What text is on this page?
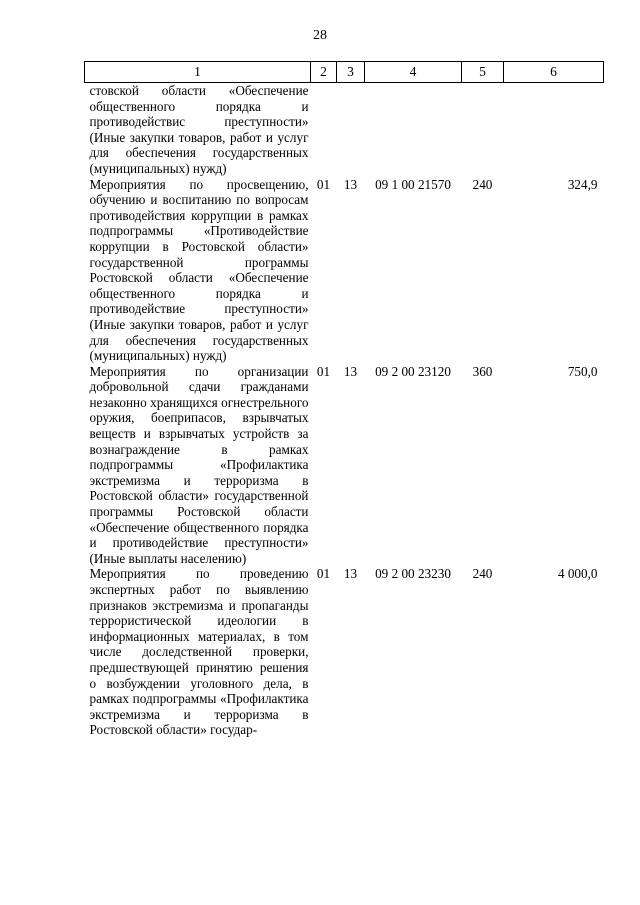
28
1	2	3	4	5	6
стовской области «Обеспечение общественного порядка и противодействис преступности» (Иные закупки товаров, работ и услуг для обеспечения государственных (муниципальных) нужд)					
Мероприятия по просвещению, обучению и воспитанию по вопросам противодействия коррупции в рамках подпрограммы «Противодействие коррупции в Ростовской области» государственной программы Ростовской области «Обеспечение общественного порядка и противодействие преступности» (Иные закупки товаров, работ и услуг для обеспечения государственных (муниципальных) нужд)	01	13	09 1 00 21570	240	324,9
Мероприятия по организации добровольной сдачи гражданами незаконно хранящихся огнестрельного оружия, боеприпасов, взрывчатых веществ и взрывчатых устройств за вознаграждение в рамках подпрограммы «Профилактика экстремизма и терроризма в Ростовской области» государственной программы Ростовской области «Обеспечение общественного порядка и противодействие преступности» (Иные выплаты населению)	01	13	09 2 00 23120	360	750,0
Мероприятия по проведению экспертных работ по выявлению признаков экстремизма и пропаганды террористической идеологии в информационных материалах, в том числе доследственной проверки, предшествующей принятию решения о возбуждении уголовного дела, в рамках подпрограммы «Профилактика экстремизма и терроризма в Ростовской области» государ-	01	13	09 2 00 23230	240	4 000,0
